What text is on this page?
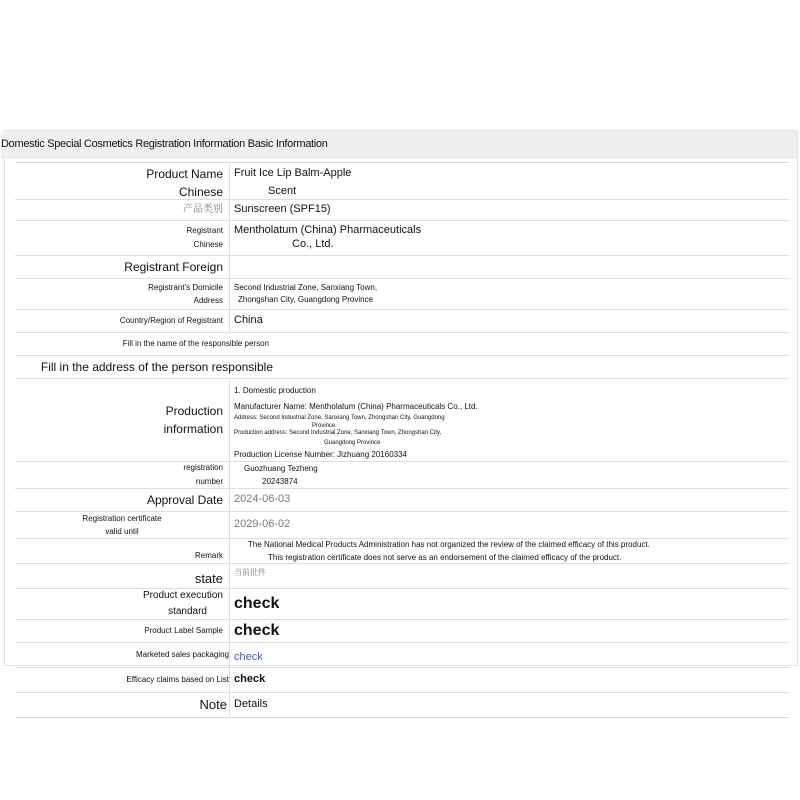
Domestic Special Cosmetics Registration Information Basic Information
Product Name Fruit Ice Lip Balm-Apple
Chinese	Scent
产品类别 Sunscreen (SPF15)
Registrant
Chinese
Mentholatum (China) Pharmaceuticals
Co., Ltd.
Registrant Foreign
Registrant's Domicile
Address
Second Industrial Zone, Sanxiang Town,
Zhongshan City, Guangdong Province
Country/Region of Registrant China
Fill in the name of the responsible person
Fill in the address of the person responsible
Production
information
1. Domestic production
Manufacturer Name: Mentholatum (China) Pharmaceuticals Co., Ltd.
Address: Second Industrial Zone, Sanxiang Town, Zhongshan City, Guangdong
Province
Production address: Second Industrial Zone, Sanxiang Town, Zhongshan City,
Guangdong Province
Production License Number: Jizhuang 20160334
registration
number
Guozhuang Tezheng
20243874
Approval Date 2024-06-03
Registration certificate
valid until
2029-06-02
Remark
The National Medical Products Administration has not organized the review of the claimed efficacy of this product.
This registration certificate does not serve as an endorsement of the claimed efficacy of the product.
state 当前批件
Product execution
standard	check
Product Label Sample check
Marketed sales packaging check
Efficacy claims based on List check
Note Details
